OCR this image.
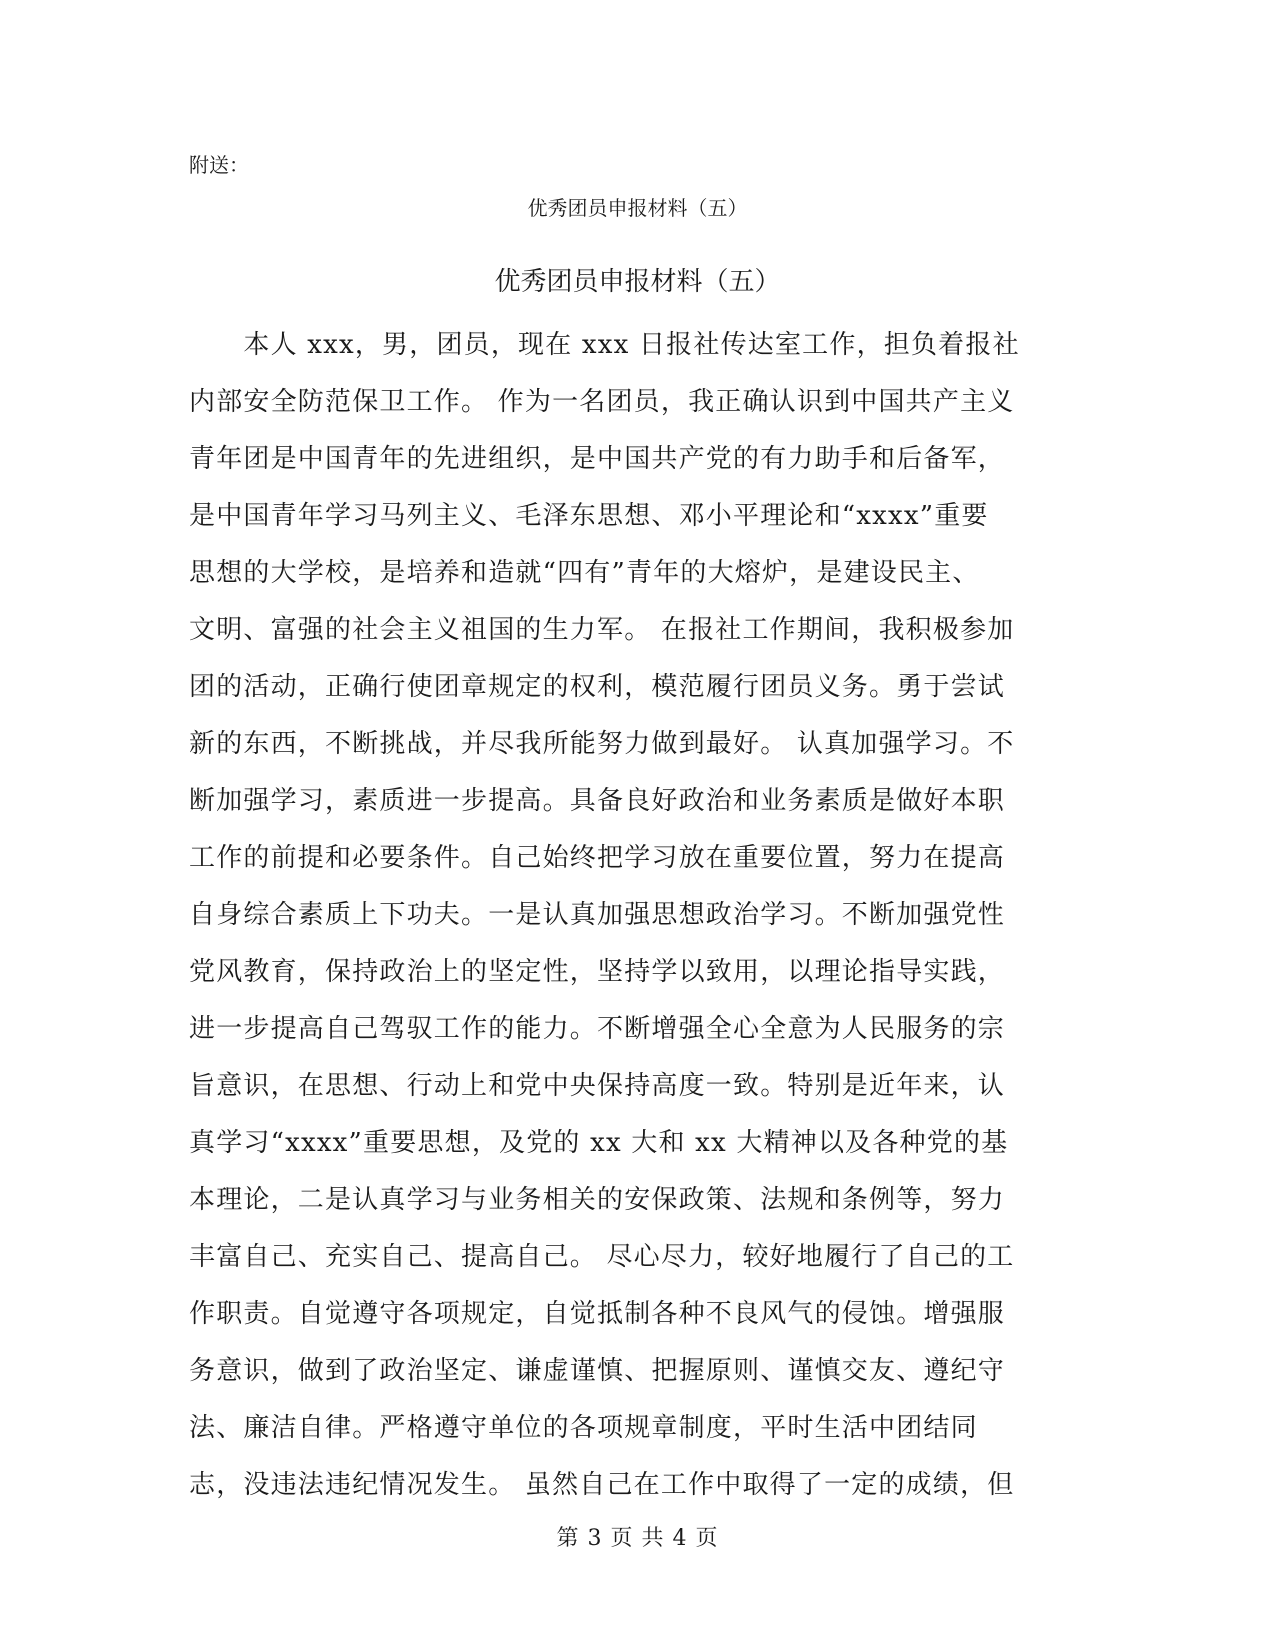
附送：
优秀团员申报材料（五）
优秀团员申报材料（五）
　　本人 xxx，男，团员，现在 xxx 日报社传达室工作，担负着报社
内部安全防范保卫工作。 作为一名团员，我正确认识到中国共产主义
青年团是中国青年的先进组织，是中国共产党的有力助手和后备军，
是中国青年学习马列主义、毛泽东思想、邓小平理论和“xxxx”重要
思想的大学校，是培养和造就“四有”青年的大熔炉，是建设民主、
文明、富强的社会主义祖国的生力军。 在报社工作期间，我积极参加
团的活动，正确行使团章规定的权利，模范履行团员义务。勇于尝试
新的东西，不断挑战，并尽我所能努力做到最好。 认真加强学习。不
断加强学习，素质进一步提高。具备良好政治和业务素质是做好本职
工作的前提和必要条件。自己始终把学习放在重要位置，努力在提高
自身综合素质上下功夫。一是认真加强思想政治学习。不断加强党性
党风教育，保持政治上的坚定性，坚持学以致用，以理论指导实践，
进一步提高自己驾驭工作的能力。不断增强全心全意为人民服务的宗
旨意识，在思想、行动上和党中央保持高度一致。特别是近年来，认
真学习“xxxx”重要思想，及党的 xx 大和 xx 大精神以及各种党的基
本理论，二是认真学习与业务相关的安保政策、法规和条例等，努力
丰富自己、充实自己、提高自己。 尽心尽力，较好地履行了自己的工
作职责。自觉遵守各项规定，自觉抵制各种不良风气的侵蚀。增强服
务意识，做到了政治坚定、谦虚谨慎、把握原则、谨慎交友、遵纪守
法、廉洁自律。严格遵守单位的各项规章制度，平时生活中团结同
志，没违法违纪情况发生。 虽然自己在工作中取得了一定的成绩，但
第 3 页 共 4 页
